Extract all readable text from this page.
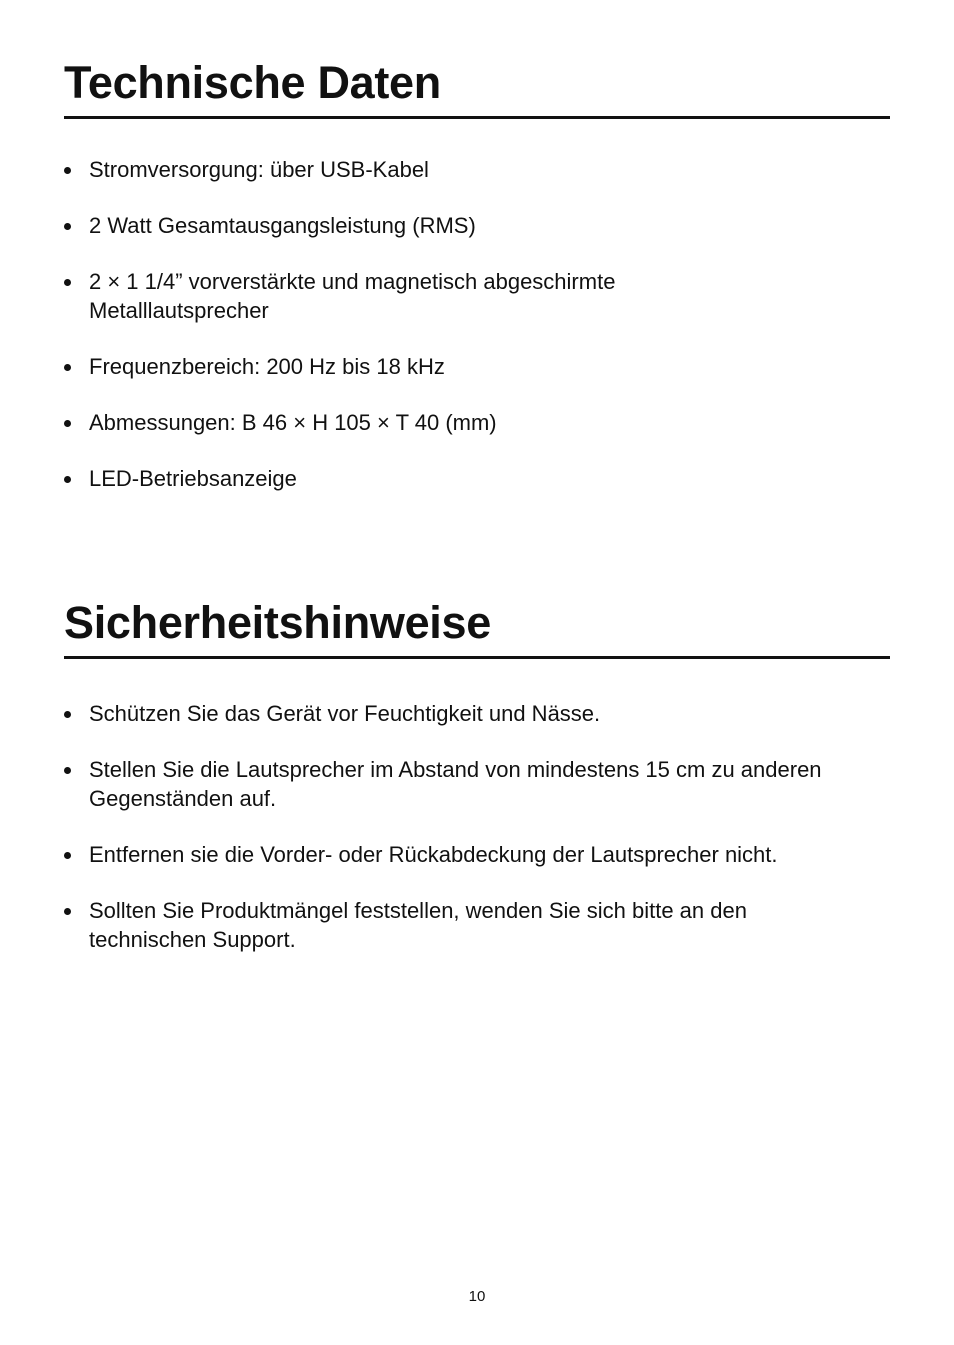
Technische Daten
Stromversorgung: über USB-Kabel
2 Watt Gesamtausgangsleistung (RMS)
2 × 1 1/4” vorverstärkte und magnetisch abgeschirmte Metalllautsprecher
Frequenzbereich: 200 Hz bis 18 kHz
Abmessungen: B 46 × H 105 × T 40 (mm)
LED-Betriebsanzeige
Sicherheitshinweise
Schützen Sie das Gerät vor Feuchtigkeit und Nässe.
Stellen Sie die Lautsprecher im Abstand von mindestens 15 cm zu anderen Gegenständen auf.
Entfernen sie die Vorder- oder Rückabdeckung der Lautsprecher nicht.
Sollten Sie Produktmängel feststellen, wenden Sie sich bitte an den technischen Support.
10
